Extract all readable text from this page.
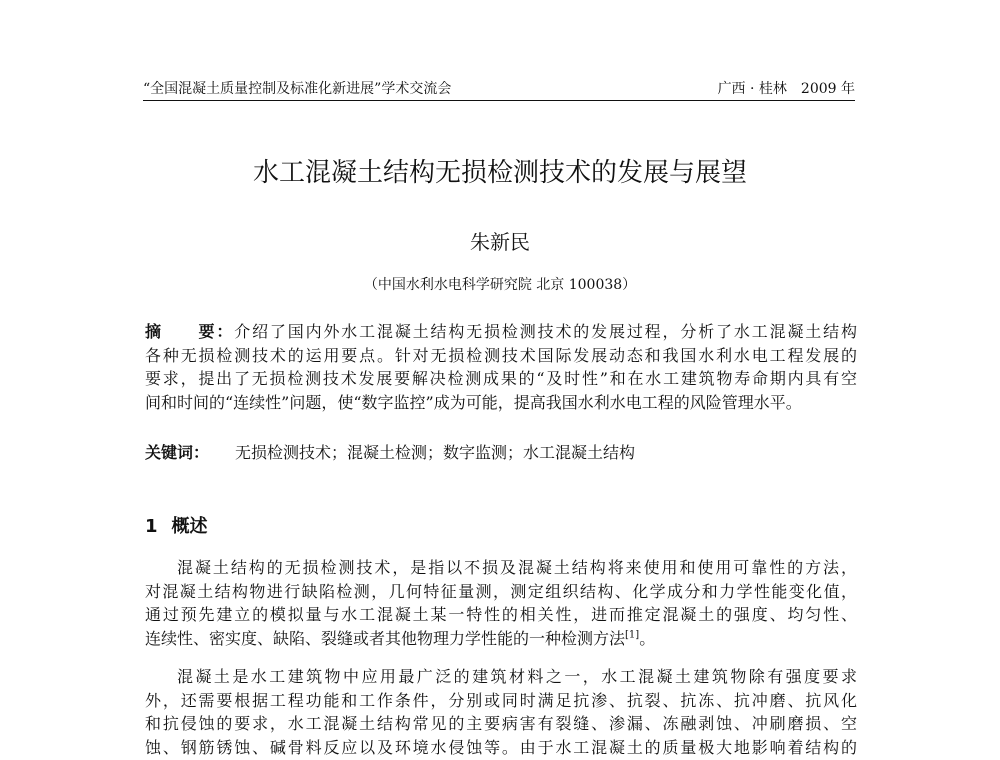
“全国混凝土质量控制及标准化新进展”学术交流会	广西 · 桂林　2009 年
水工混凝土结构无损检测技术的发展与展望
朱新民
（中国水利水电科学研究院 北京 100038）
摘　　要：介绍了国内外水工混凝土结构无损检测技术的发展过程，分析了水工混凝土结构
各种无损检测技术的运用要点。针对无损检测技术国际发展动态和我国水利水电工程发展的
要求，提出了无损检测技术发展要解决检测成果的“及时性”和在水工建筑物寿命期内具有空
间和时间的“连续性”问题，使“数字监控”成为可能，提高我国水利水电工程的风险管理水平。
关键词： 无损检测技术；混凝土检测；数字监测；水工混凝土结构
1 概述
混凝土结构的无损检测技术，是指以不损及混凝土结构将来使用和使用可靠性的方法，
对混凝土结构物进行缺陷检测，几何特征量测，测定组织结构、化学成分和力学性能变化值，
通过预先建立的模拟量与水工混凝土某一特性的相关性，进而推定混凝土的强度、均匀性、
连续性、密实度、缺陷、裂缝或者其他物理力学性能的一种检测方法[1]。
混凝土是水工建筑物中应用最广泛的建筑材料之一，水工混凝土建筑物除有强度要求
外，还需要根据工程功能和工作条件，分别或同时满足抗渗、抗裂、抗冻、抗冲磨、抗风化
和抗侵蚀的要求，水工混凝土结构常见的主要病害有裂缝、渗漏、冻融剥蚀、冲刷磨损、空
蚀、钢筋锈蚀、碱骨料反应以及环境水侵蚀等。由于水工混凝土的质量极大地影响着结构的
